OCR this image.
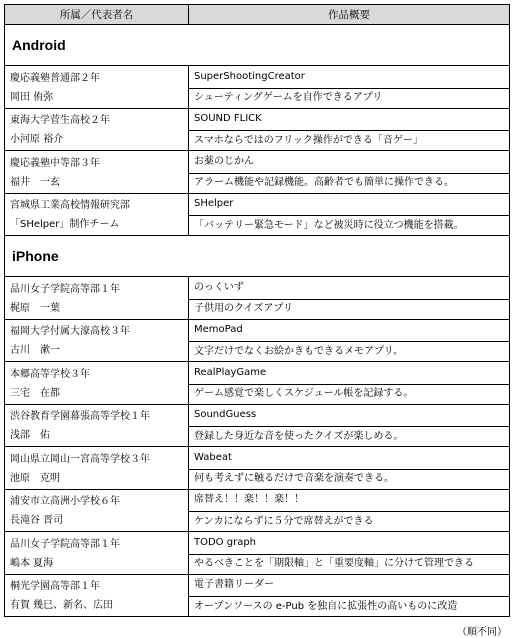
所属／代表者名	作品概要
Android	
慶応義塾普通部２年	SuperShootingCreator
岡田 侑弥	シューティングゲームを自作できるアプリ
東海大学菅生高校２年	SOUND FLICK
小河原 裕介	スマホならではのフリック操作ができる「音ゲー」
慶応義塾中等部３年	お薬のじかん
福井　一玄	アラーム機能や記録機能。高齢者でも簡単に操作できる。
宮城県工業高校情報研究部	SHelper
「SHelper」制作チーム	「バッテリー緊急モード」など被災時に役立つ機能を搭載。
iPhone	
品川女子学院高等部１年	のっくいず
梶原　一葉	子供用のクイズアプリ
福岡大学付属大濠高校３年	MemoPad
古川　漱一	文字だけでなくお絵かきもできるメモアプリ。
本郷高等学校３年	RealPlayGame
三宅　在都	ゲーム感覚で楽しくスケジュール帳を記録する。
渋谷教育学園幕張高等学校１年	SoundGuess
浅部　佑	登録した身近な音を使ったクイズが楽しめる。
岡山県立岡山一宮高等学校３年	Wabeat
池原　克明	何も考えずに触るだけで音楽を演奏できる。
浦安市立高洲小学校６年	席替え！！楽！！楽！！
長滝谷 晋司	ケンカにならずに５分で席替えができる
品川女子学院高等部１年	TODO graph
嶋本 夏海	やるべきことを「期限軸」と「重要度軸」に分けて管理できる
桐光学園高等部１年	電子書籍リーダー
有賀 幾巳、新名、広田	オープンソースの e-Pub を独自に拡張性の高いものに改造
（順不同）
